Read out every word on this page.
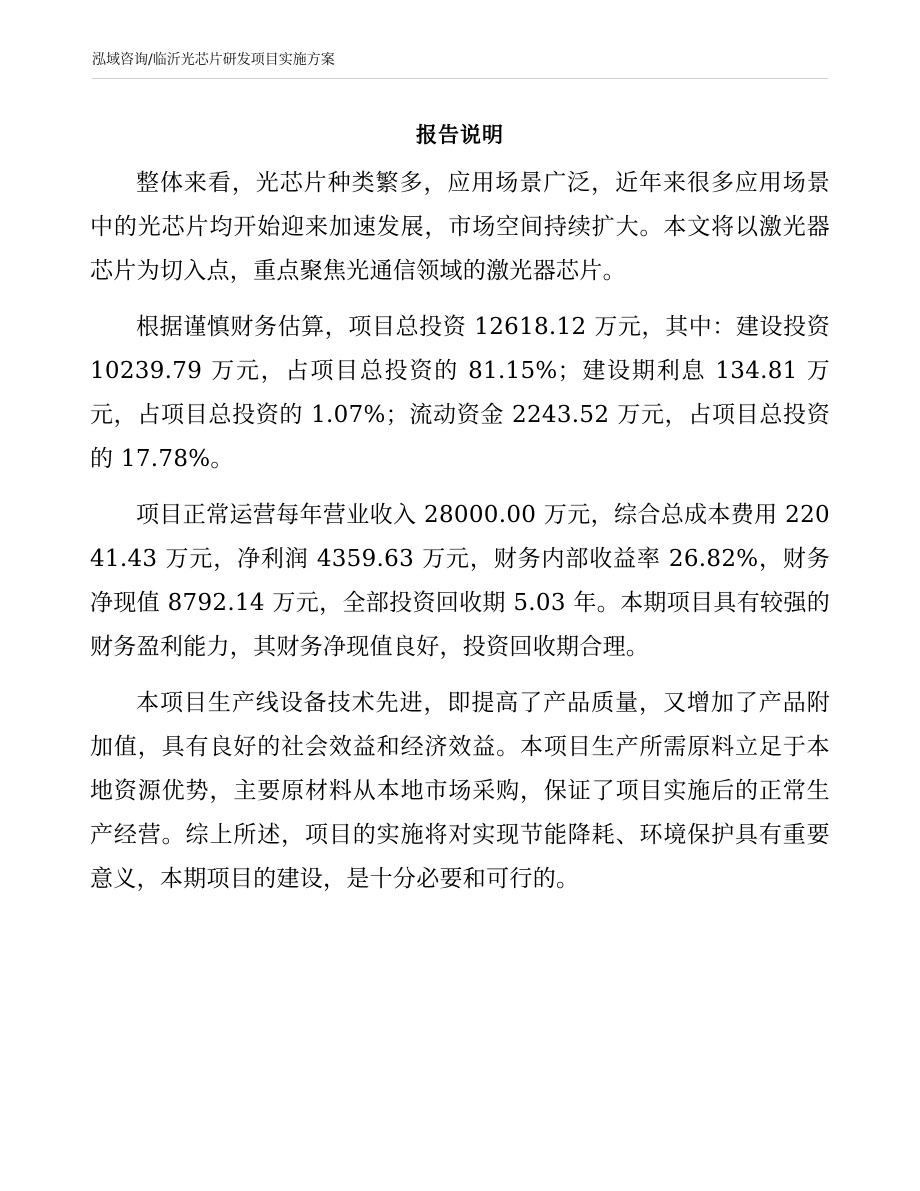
泓域咨询/临沂光芯片研发项目实施方案
报告说明

整体来看，光芯片种类繁多，应用场景广泛，近年来很多应用场景中的光芯片均开始迎来加速发展，市场空间持续扩大。本文将以激光器芯片为切入点，重点聚焦光通信领域的激光器芯片。

根据谨慎财务估算，项目总投资 12618.12 万元，其中：建设投资 10239.79 万元，占项目总投资的 81.15%；建设期利息 134.81 万元，占项目总投资的 1.07%；流动资金 2243.52 万元，占项目总投资的 17.78%。

项目正常运营每年营业收入 28000.00 万元，综合总成本费用 22041.43 万元，净利润 4359.63 万元，财务内部收益率 26.82%，财务净现值 8792.14 万元，全部投资回收期 5.03 年。本期项目具有较强的财务盈利能力，其财务净现值良好，投资回收期合理。

本项目生产线设备技术先进，即提高了产品质量，又增加了产品附加值，具有良好的社会效益和经济效益。本项目生产所需原料立足于本地资源优势，主要原材料从本地市场采购，保证了项目实施后的正常生产经营。综上所述，项目的实施将对实现节能降耗、环境保护具有重要意义，本期项目的建设，是十分必要和可行的。
